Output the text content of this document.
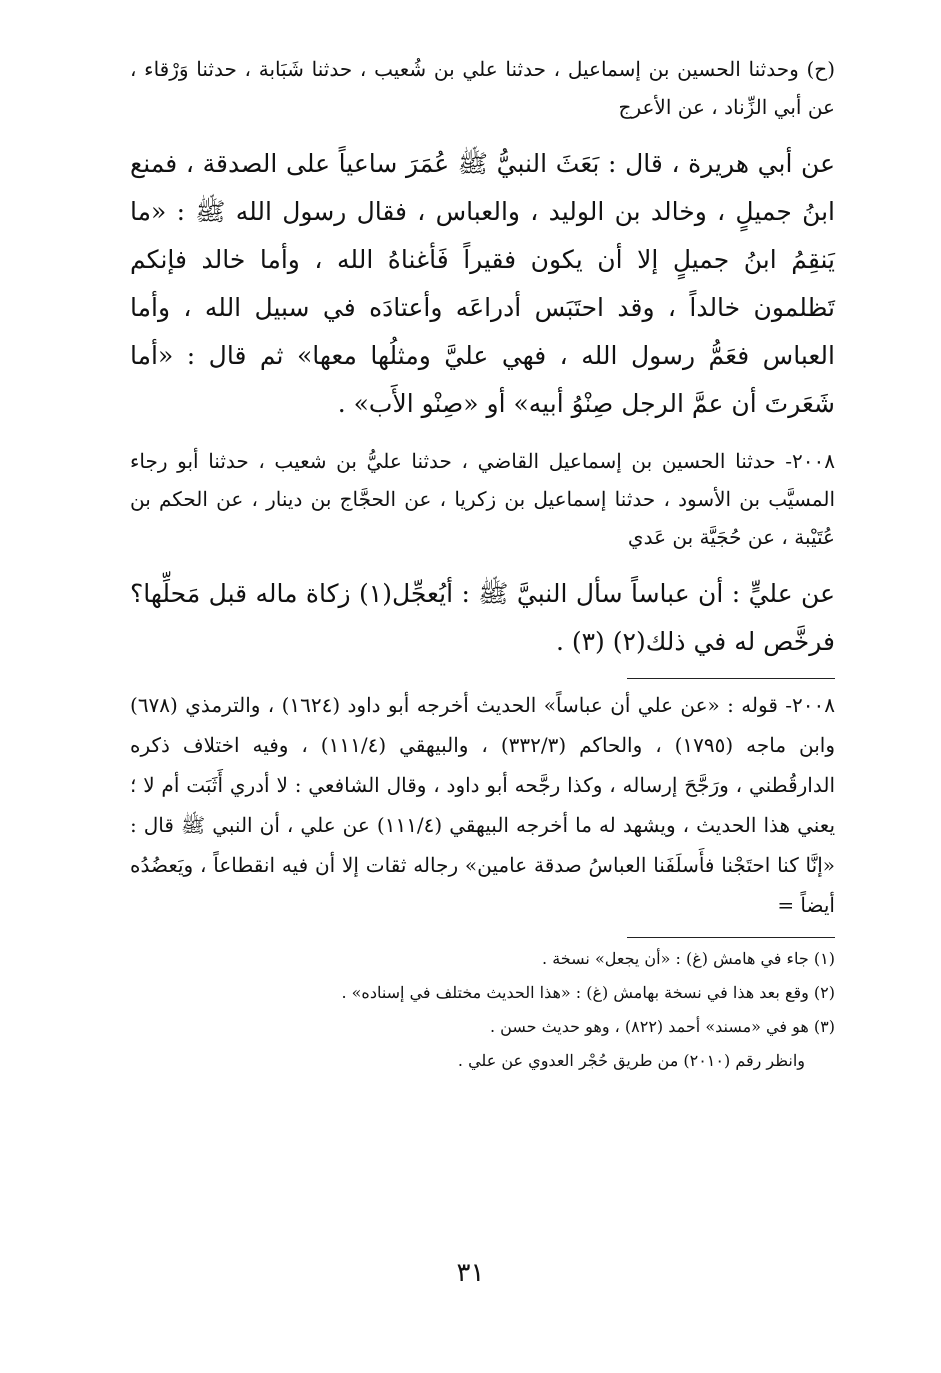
(ح) وحدثنا الحسين بن إسماعيل ، حدثنا علي بن شُعيب ، حدثنا شَبَابة ، حدثنا وَرْقاء ، عن أبي الزِّناد ، عن الأعرج

عن أبي هريرة ، قال : بَعَثَ النبيُّ ﷺ عُمَرَ ساعياً على الصدقة ، فمنع ابنُ جميلٍ ، وخالد بن الوليد ، والعباس ، فقال رسول الله ﷺ : «ما يَنقِمُ ابنُ جميلٍ إلا أن يكون فقيراً فَأغناهُ الله ، وأما خالد فإنكم تَظلمون خالداً ، وقد احتَبَس أدراعَه وأعتادَه في سبيل الله ، وأما العباس فعَمُّ رسول الله ، فهي عليَّ ومثلُها معها» ثم قال : «أما شَعَرتَ أن عمَّ الرجل صِنْوُ أبيه» أو «صِنْو الأَب» .

٢٠٠٨- حدثنا الحسين بن إسماعيل القاضي ، حدثنا عليُّ بن شعيب ، حدثنا أبو رجاء المسيَّب بن الأسود ، حدثنا إسماعيل بن زكريا ، عن الحجَّاج بن دينار ، عن الحكم بن عُتَيْبة ، عن حُجَيَّة بن عَدي

عن عليٍّ : أن عباساً سأل النبيَّ ﷺ : أيُعجِّل(١) زكاة ماله قبل مَحلِّها؟ فرخَّص له في ذلك(٢) (٣) .

٢٠٠٨- قوله : «عن علي أن عباساً» الحديث أخرجه أبو داود (١٦٢٤) ، والترمذي (٦٧٨) وابن ماجه (١٧٩٥) ، والحاكم (٣٣٢/٣) ، والبيهقي (١١١/٤) ، وفيه اختلاف ذكره الدارقُطني ، ورَجَّحَ إرساله ، وكذا رجَّحه أبو داود ، وقال الشافعي : لا أدري أَثَبَت أم لا ؛ يعني هذا الحديث ، ويشهد له ما أخرجه البيهقي (١١١/٤) عن علي ، أن النبي ﷺ قال : «إنَّا كنا احتَجْنا فأَسلَفَنا العباسُ صدقة عامين» رجاله ثقات إلا أن فيه انقطاعاً ، ويَعضُدُه أيضاً =

(١) جاء في هامش (غ) : «أن يجعل» نسخة .
(٢) وقع بعد هذا في نسخة بهامش (غ) : «هذا الحديث مختلف في إسناده» .
(٣) هو في «مسند» أحمد (٨٢٢) ، وهو حديث حسن .
وانظر رقم (٢٠١٠) من طريق حُجْر العدوي عن علي .
٣١
